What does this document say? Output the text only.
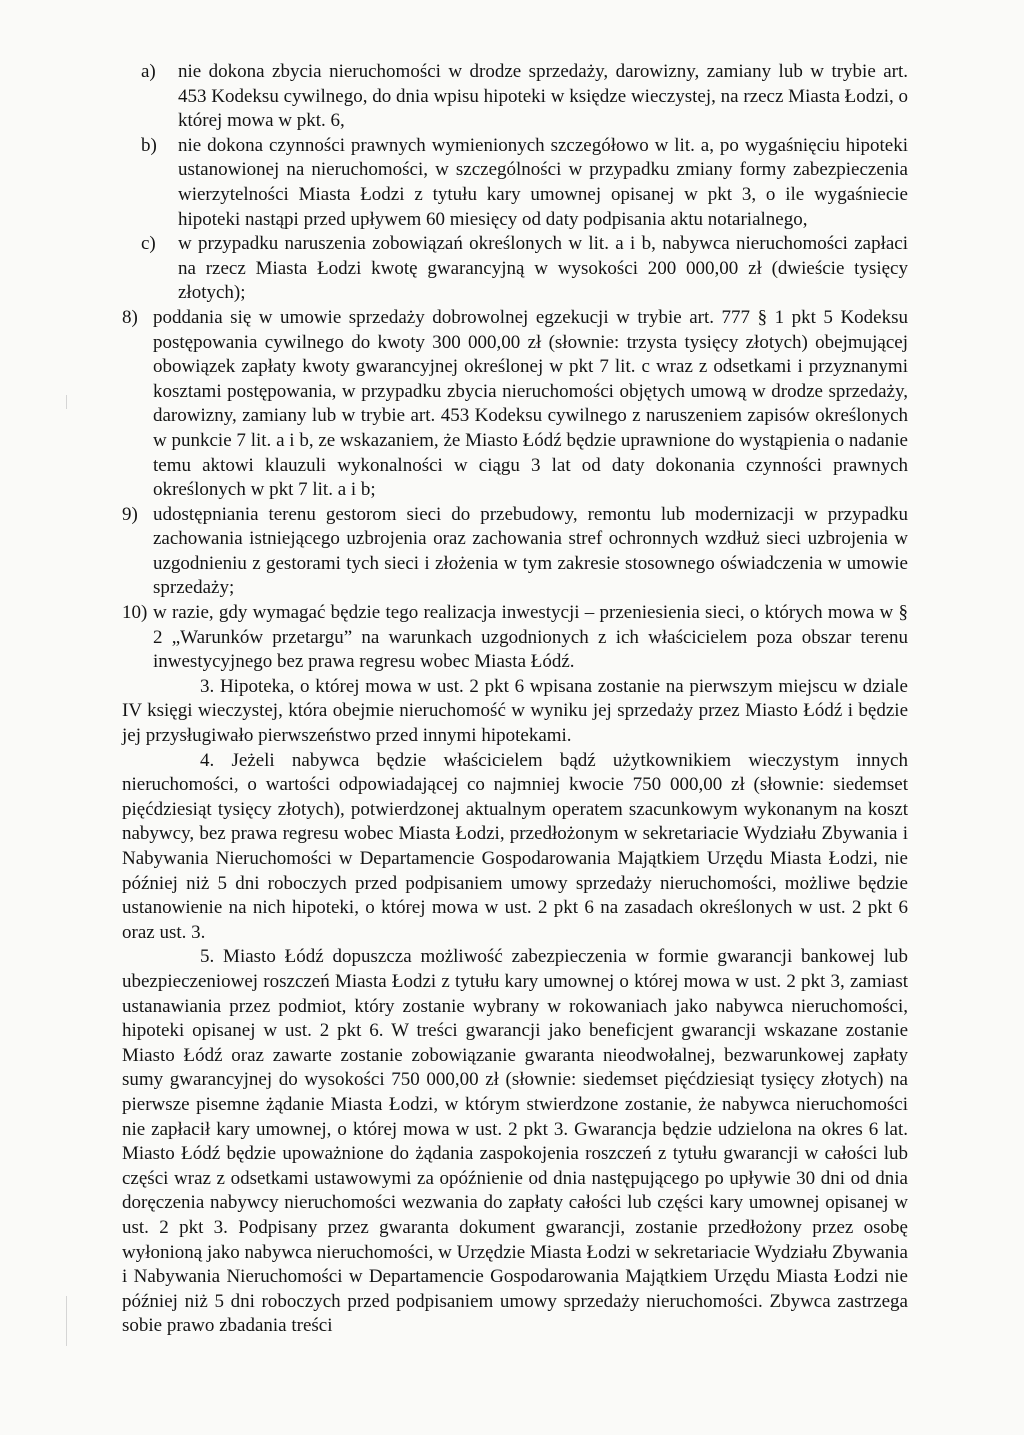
a)	nie dokona zbycia nieruchomości w drodze sprzedaży, darowizny, zamiany lub w trybie art. 453 Kodeksu cywilnego, do dnia wpisu hipoteki w księdze wieczystej, na rzecz Miasta Łodzi, o której mowa w pkt. 6,
b)	nie dokona czynności prawnych wymienionych szczegółowo w lit. a, po wygaśnięciu hipoteki ustanowionej na nieruchomości, w szczególności w przypadku zmiany formy zabezpieczenia wierzytelności Miasta Łodzi z tytułu kary umownej opisanej w pkt 3, o ile wygaśniecie hipoteki nastąpi przed upływem 60 miesięcy od daty podpisania aktu notarialnego,
c)	w przypadku naruszenia zobowiązań określonych w lit. a i b, nabywca nieruchomości zapłaci na rzecz Miasta Łodzi kwotę gwarancyjną w wysokości 200 000,00 zł (dwieście tysięcy złotych);
8) poddania się w umowie sprzedaży dobrowolnej egzekucji w trybie art. 777 § 1 pkt 5 Kodeksu postępowania cywilnego do kwoty 300 000,00 zł (słownie: trzysta tysięcy złotych) obejmującej obowiązek zapłaty kwoty gwarancyjnej określonej w pkt 7 lit. c wraz z odsetkami i przyznanymi kosztami postępowania, w przypadku zbycia nieruchomości objętych umową w drodze sprzedaży, darowizny, zamiany lub w trybie art. 453 Kodeksu cywilnego z naruszeniem zapisów określonych w punkcie 7 lit. a i b, ze wskazaniem, że Miasto Łódź będzie uprawnione do wystąpienia o nadanie temu aktowi klauzuli wykonalności w ciągu 3 lat od daty dokonania czynności prawnych określonych w pkt 7 lit. a i b;
9) udostępniania terenu gestorom sieci do przebudowy, remontu lub modernizacji w przypadku zachowania istniejącego uzbrojenia oraz zachowania stref ochronnych wzdłuż sieci uzbrojenia w uzgodnieniu z gestorami tych sieci i złożenia w tym zakresie stosownego oświadczenia w umowie sprzedaży;
10) w razie, gdy wymagać będzie tego realizacja inwestycji – przeniesienia sieci, o których mowa w § 2 „Warunków przetargu” na warunkach uzgodnionych z ich właścicielem poza obszar terenu inwestycyjnego bez prawa regresu wobec Miasta Łódź.

3. Hipoteka, o której mowa w ust. 2 pkt 6 wpisana zostanie na pierwszym miejscu w dziale IV księgi wieczystej, która obejmie nieruchomość w wyniku jej sprzedaży przez Miasto Łódź i będzie jej przysługiwało pierwszeństwo przed innymi hipotekami.

4. Jeżeli nabywca będzie właścicielem bądź użytkownikiem wieczystym innych nieruchomości, o wartości odpowiadającej co najmniej kwocie 750 000,00 zł (słownie: siedemset pięćdziesiąt tysięcy złotych), potwierdzonej aktualnym operatem szacunkowym wykonanym na koszt nabywcy, bez prawa regresu wobec Miasta Łodzi, przedłożonym w sekretariacie Wydziału Zbywania i Nabywania Nieruchomości w Departamencie Gospodarowania Majątkiem Urzędu Miasta Łodzi, nie później niż 5 dni roboczych przed podpisaniem umowy sprzedaży nieruchomości, możliwe będzie ustanowienie na nich hipoteki, o której mowa w ust. 2 pkt 6 na zasadach określonych w ust. 2 pkt 6 oraz ust. 3.

5. Miasto Łódź dopuszcza możliwość zabezpieczenia w formie gwarancji bankowej lub ubezpieczeniowej roszczeń Miasta Łodzi z tytułu kary umownej o której mowa w ust. 2 pkt 3, zamiast ustanawiania przez podmiot, który zostanie wybrany w rokowaniach jako nabywca nieruchomości, hipoteki opisanej w ust. 2 pkt 6. W treści gwarancji jako beneficjent gwarancji wskazane zostanie Miasto Łódź oraz zawarte zostanie zobowiązanie gwaranta nieodwołalnej, bezwarunkowej zapłaty sumy gwarancyjnej do wysokości 750 000,00 zł (słownie: siedemset pięćdziesiąt tysięcy złotych) na pierwsze pisemne żądanie Miasta Łodzi, w którym stwierdzone zostanie, że nabywca nieruchomości nie zapłacił kary umownej, o której mowa w ust. 2 pkt 3. Gwarancja będzie udzielona na okres 6 lat. Miasto Łódź będzie upoważnione do żądania zaspokojenia roszczeń z tytułu gwarancji w całości lub części wraz z odsetkami ustawowymi za opóźnienie od dnia następującego po upływie 30 dni od dnia doręczenia nabywcy nieruchomości wezwania do zapłaty całości lub części kary umownej opisanej w ust. 2 pkt 3. Podpisany przez gwaranta dokument gwarancji, zostanie przedłożony przez osobę wyłonioną jako nabywca nieruchomości, w Urzędzie Miasta Łodzi w sekretariacie Wydziału Zbywania i Nabywania Nieruchomości w Departamencie Gospodarowania Majątkiem Urzędu Miasta Łodzi nie później niż 5 dni roboczych przed podpisaniem umowy sprzedaży nieruchomości. Zbywca zastrzega sobie prawo zbadania treści
